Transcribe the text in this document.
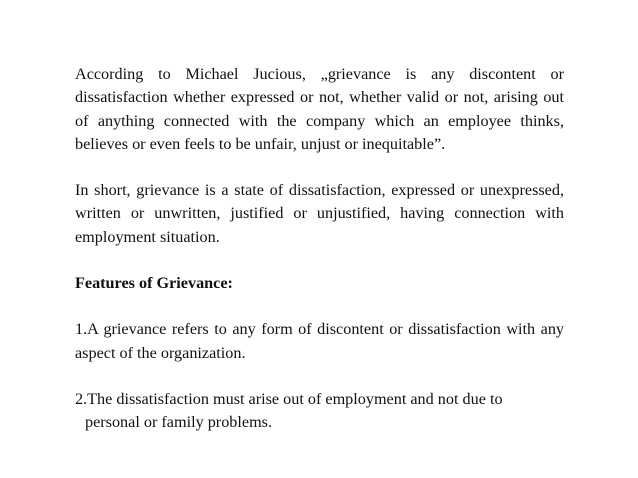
According to Michael Jucious, „grievance is any discontent or dissatisfaction whether expressed or not, whether valid or not, arising out of anything connected with the company which an employee thinks, believes or even feels to be unfair, unjust or inequitable”.

In short, grievance is a state of dissatisfaction, expressed or unexpressed, written or unwritten, justified or unjustified, having connection with employment situation.

Features of Grievance:

1.A grievance refers to any form of discontent or dissatisfaction with any aspect of the organization.

2.The dissatisfaction must arise out of employment and not due to
personal or family problems.
